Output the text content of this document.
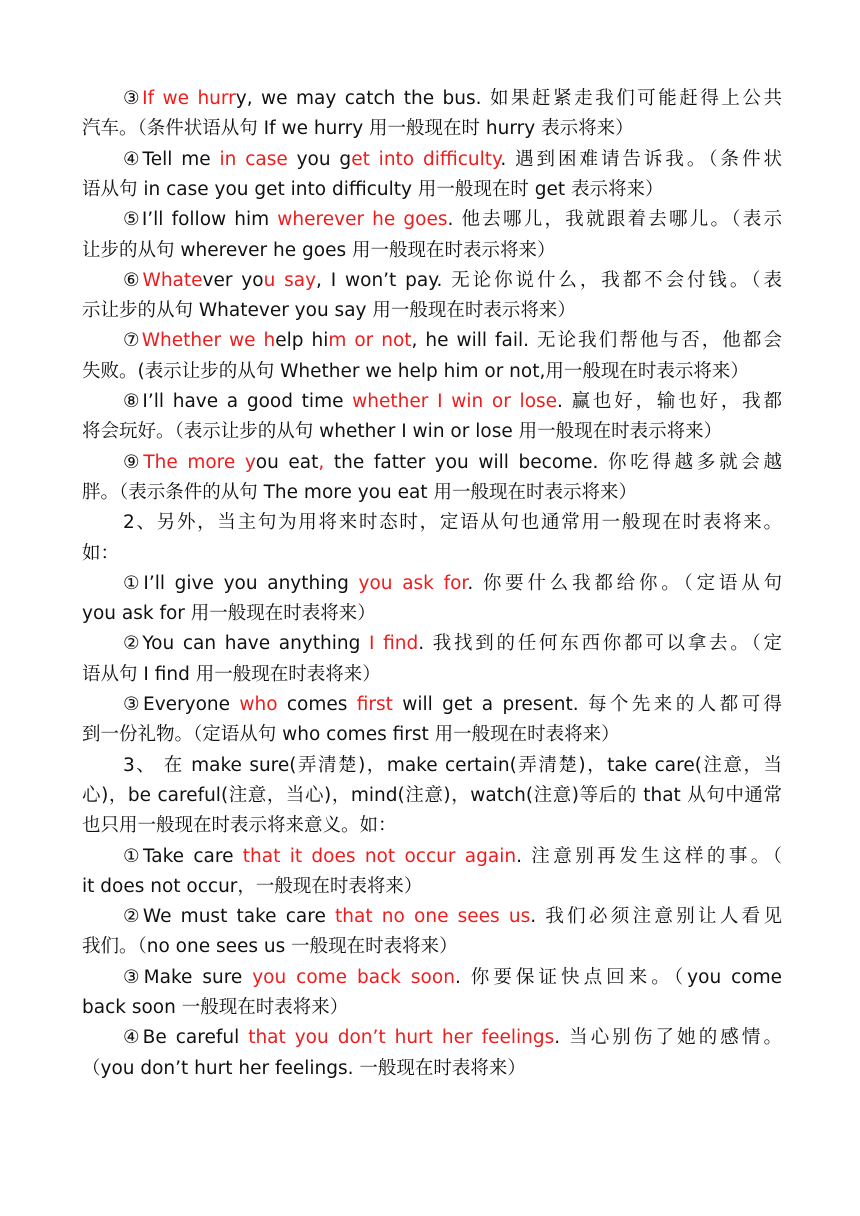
③If we hurry, we may catch the bus. 如果赶紧走我们可能赶得上公共
汽车。（条件状语从句 If we hurry 用一般现在时 hurry 表示将来）
④Tell me in case you get into difficulty. 遇到困难请告诉我。（条件状
语从句 in case you get into difficulty 用一般现在时 get 表示将来）
⑤I’ll follow him wherever he goes. 他去哪儿，我就跟着去哪儿。（表示
让步的从句 wherever he goes 用一般现在时表示将来）
⑥Whatever you say, I won’t pay. 无论你说什么，我都不会付钱。（表
示让步的从句 Whatever you say 用一般现在时表示将来）
⑦Whether we help him or not, he will fail. 无论我们帮他与否，他都会
失败。(表示让步的从句 Whether we help him or not,用一般现在时表示将来）
⑧I’ll have a good time whether I win or lose. 赢也好，输也好，我都
将会玩好。（表示让步的从句 whether I win or lose 用一般现在时表示将来）
⑨The more you eat, the fatter you will become. 你吃得越多就会越
胖。（表示条件的从句 The more you eat 用一般现在时表示将来）
2、另外，当主句为用将来时态时，定语从句也通常用一般现在时表将来。
如：
①I’ll give you anything you ask for. 你要什么我都给你。（定语从句
you ask for 用一般现在时表将来）
②You can have anything I find. 我找到的任何东西你都可以拿去。（定
语从句 I find 用一般现在时表将来）
③Everyone who comes first will get a present. 每个先来的人都可得
到一份礼物。（定语从句 who comes first 用一般现在时表将来）
3、 在 make sure(弄清楚)，make certain(弄清楚)，take care(注意，当
心)，be careful(注意，当心)，mind(注意)，watch(注意)等后的 that 从句中通常
也只用一般现在时表示将来意义。如：
①Take care that it does not occur again. 注意别再发生这样的事。（
it does not occur，一般现在时表将来）
②We must take care that no one sees us. 我们必须注意别让人看见
我们。（no one sees us 一般现在时表将来）
③Make sure you come back soon. 你要保证快点回来。（you come
back soon 一般现在时表将来）
④Be careful that you don’t hurt her feelings. 当心别伤了她的感情。
（you don’t hurt her feelings. 一般现在时表将来）
